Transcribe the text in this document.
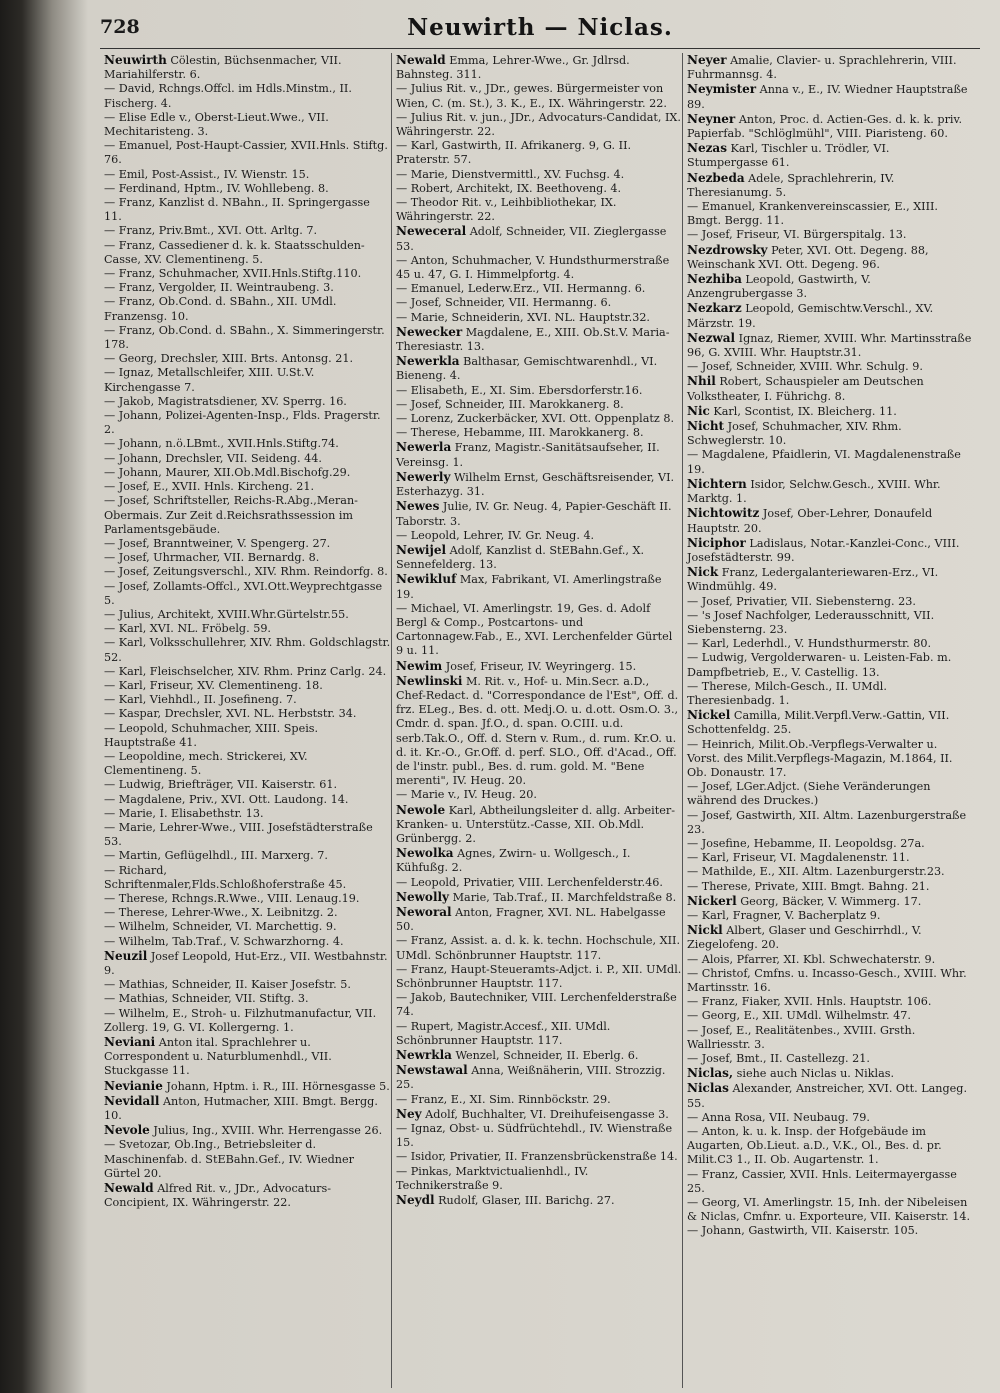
728	Neuwirth — Niclas.

Neuwirth Cölestin, Büchsenmacher, VII. Mariahilferstr. 6.

— David, Rchngs.Offcl. im Hdls.Minstm., II. Fischerg. 4.

— Elise Edle v., Oberst-Lieut.Wwe., VII. Mechitaristeng. 3.

— Emanuel, Post-Haupt-Cassier, XVII.Hnls. Stiftg. 76.

— Emil, Post-Assist., IV. Wienstr. 15.

— Ferdinand, Hptm., IV. Wohllebeng. 8.

— Franz, Kanzlist d. NBahn., II. Springergasse 11.

— Franz, Priv.Bmt., XVI. Ott. Arltg. 7.

— Franz, Cassediener d. k. k. Staatsschulden-Casse, XV. Clementineng. 5.

— Franz, Schuhmacher, XVII.Hnls.Stiftg.110.

— Franz, Vergolder, II. Weintraubeng. 3.

— Franz, Ob.Cond. d. SBahn., XII. UMdl. Franzensg. 10.

— Franz, Ob.Cond. d. SBahn., X. Simmeringerstr. 178.

— Georg, Drechsler, XIII. Brts. Antonsg. 21.

— Ignaz, Metallschleifer, XIII. U.St.V. Kirchengasse 7.

— Jakob, Magistratsdiener, XV. Sperrg. 16.

— Johann, Polizei-Agenten-Insp., Flds. Pragerstr. 2.

— Johann, n.ö.LBmt., XVII.Hnls.Stiftg.74.

— Johann, Drechsler, VII. Seideng. 44.

— Johann, Maurer, XII.Ob.Mdl.Bischofg.29.

— Josef, E., XVII. Hnls. Kircheng. 21.

— Josef, Schriftsteller, Reichs-R.Abg.,Meran-Obermais. Zur Zeit d.Reichsrathssession im Parlamentsgebäude.

— Josef, Branntweiner, V. Spengerg. 27.

— Josef, Uhrmacher, VII. Bernardg. 8.

— Josef, Zeitungsverschl., XIV. Rhm. Reindorfg. 8.

— Josef, Zollamts-Offcl., XVI.Ott.Weyprechtgasse 5.

— Julius, Architekt, XVIII.Whr.Gürtelstr.55.

— Karl, XVI. NL. Fröbelg. 59.

— Karl, Volksschullehrer, XIV. Rhm. Goldschlagstr. 52.

— Karl, Fleischselcher, XIV. Rhm. Prinz Carlg. 24.

— Karl, Friseur, XV. Clementineng. 18.

— Karl, Viehhdl., II. Josefineng. 7.

— Kaspar, Drechsler, XVI. NL. Herbststr. 34.

— Leopold, Schuhmacher, XIII. Speis. Hauptstraße 41.

— Leopoldine, mech. Strickerei, XV. Clementineng. 5.

— Ludwig, Briefträger, VII. Kaiserstr. 61.

— Magdalene, Priv., XVI. Ott. Laudong. 14.

— Marie, I. Elisabethstr. 13.

— Marie, Lehrer-Wwe., VIII. Josefstädterstraße 53.

— Martin, Geflügelhdl., III. Marxerg. 7.

— Richard, Schriftenmaler,Flds.Schloßhoferstraße 45.

— Therese, Rchngs.R.Wwe., VIII. Lenaug.19.

— Therese, Lehrer-Wwe., X. Leibnitzg. 2.

— Wilhelm, Schneider, VI. Marchettig. 9.

— Wilhelm, Tab.Traf., V. Schwarzhorng. 4.

Neuzil Josef Leopold, Hut-Erz., VII. Westbahnstr. 9.

— Mathias, Schneider, II. Kaiser Josefstr. 5.

— Mathias, Schneider, VII. Stiftg. 3.

— Wilhelm, E., Stroh- u. Filzhutmanufactur, VII. Zollerg. 19, G. VI. Kollergerng. 1.

Neviani Anton ital. Sprachlehrer u. Correspondent u. Naturblumenhdl., VII. Stuckgasse 11.

Nevianie Johann, Hptm. i. R., III. Hörnesgasse 5.

Nevidall Anton, Hutmacher, XIII. Bmgt. Bergg. 10.

Nevole Julius, Ing., XVIII. Whr. Herrengasse 26.

— Svetozar, Ob.Ing., Betriebsleiter d. Maschinenfab. d. StEBahn.Gef., IV. Wiedner Gürtel 20.

Newald Alfred Rit. v., JDr., Advocaturs-Concipient, IX. Währingerstr. 22.

Newald Emma, Lehrer-Wwe., Gr. Jdlrsd. Bahnsteg. 311.

— Julius Rit. v., JDr., gewes. Bürgermeister von Wien, C. (m. St.), 3. K., E., IX. Währingerstr. 22.

— Julius Rit. v. jun., JDr., Advocaturs-Candidat, IX. Währingerstr. 22.

— Karl, Gastwirth, II. Afrikanerg. 9, G. II. Praterstr. 57.

— Marie, Dienstvermittl., XV. Fuchsg. 4.

— Robert, Architekt, IX. Beethoveng. 4.

— Theodor Rit. v., Leihbibliothekar, IX. Währingerstr. 22.

Neweceral Adolf, Schneider, VII. Zieglergasse 53.

— Anton, Schuhmacher, V. Hundsthurmerstraße 45 u. 47, G. I. Himmelpfortg. 4.

— Emanuel, Lederw.Erz., VII. Hermanng. 6.

— Josef, Schneider, VII. Hermanng. 6.

— Marie, Schneiderin, XVI. NL. Hauptstr.32.

Newecker Magdalene, E., XIII. Ob.St.V. Maria-Theresiastr. 13.

Newerkla Balthasar, Gemischtwarenhdl., VI. Bieneng. 4.

— Elisabeth, E., XI. Sim. Ebersdorferstr.16.

— Josef, Schneider, III. Marokkanerg. 8.

— Lorenz, Zuckerbäcker, XVI. Ott. Oppenplatz 8.

— Therese, Hebamme, III. Marokkanerg. 8.

Newerla Franz, Magistr.-Sanitätsaufseher, II. Vereinsg. 1.

Newerly Wilhelm Ernst, Geschäftsreisender, VI. Esterhazyg. 31.

Newes Julie, IV. Gr. Neug. 4, Papier-Geschäft II. Taborstr. 3.

— Leopold, Lehrer, IV. Gr. Neug. 4.

Newijel Adolf, Kanzlist d. StEBahn.Gef., X. Sennefelderg. 13.

Newikluf Max, Fabrikant, VI. Amerlingstraße 19.

— Michael, VI. Amerlingstr. 19, Ges. d. Adolf Bergl & Comp., Postcartons- und Cartonnagew.Fab., E., XVI. Lerchenfelder Gürtel 9 u. 11.

Newim Josef, Friseur, IV. Weyringerg. 15.

Newlinski M. Rit. v., Hof- u. Min.Secr. a.D., Chef-Redact. d. "Correspondance de l'Est", Off. d. frz. ELeg., Bes. d. ott. Medj.O. u. d.ott. Osm.O. 3., Cmdr. d. span. Jf.O., d. span. O.CIII. u.d. serb.Tak.O., Off. d. Stern v. Rum., d. rum. Kr.O. u. d. it. Kr.-O., Gr.Off. d. perf. SLO., Off. d'Acad., Off. de l'instr. publ., Bes. d. rum. gold. M. "Bene merenti", IV. Heug. 20.

— Marie v., IV. Heug. 20.

Newole Karl, Abtheilungsleiter d. allg. Arbeiter-Kranken- u. Unterstütz.-Casse, XII. Ob.Mdl. Grünbergg. 2.

Newolka Agnes, Zwirn- u. Wollgesch., I. Kühfußg. 2.

— Leopold, Privatier, VIII. Lerchenfelderstr.46.

Newolly Marie, Tab.Traf., II. Marchfeldstraße 8.

Neworal Anton, Fragner, XVI. NL. Habelgasse 50.

— Franz, Assist. a. d. k. k. techn. Hochschule, XII. UMdl. Schönbrunner Hauptstr. 117.

— Franz, Haupt-Steueramts-Adjct. i. P., XII. UMdl. Schönbrunner Hauptstr. 117.

— Jakob, Bautechniker, VIII. Lerchenfelderstraße 74.

— Rupert, Magistr.Accesf., XII. UMdl. Schönbrunner Hauptstr. 117.

Newrkla Wenzel, Schneider, II. Eberlg. 6.

Newstawal Anna, Weißnäherin, VIII. Strozzig. 25.

— Franz, E., XI. Sim. Rinnböckstr. 29.

Ney Adolf, Buchhalter, VI. Dreihufeisengasse 3.

— Ignaz, Obst- u. Südfrüchtehdl., IV. Wienstraße 15.

— Isidor, Privatier, II. Franzensbrückenstraße 14.

— Pinkas, Marktvictualienhdl., IV. Technikerstraße 9.

Neydl Rudolf, Glaser, III. Barichg. 27.

Neyer Amalie, Clavier- u. Sprachlehrerin, VIII. Fuhrmannsg. 4.

Neymister Anna v., E., IV. Wiedner Hauptstraße 89.

Neyner Anton, Proc. d. Actien-Ges. d. k. k. priv. Papierfab. "Schlöglmühl", VIII. Piaristeng. 60.

Nezas Karl, Tischler u. Trödler, VI. Stumpergasse 61.

Nezbeda Adele, Sprachlehrerin, IV. Theresianumg. 5.

— Emanuel, Krankenvereinscassier, E., XIII. Bmgt. Bergg. 11.

— Josef, Friseur, VI. Bürgerspitalg. 13.

Nezdrowsky Peter, XVI. Ott. Degeng. 88, Weinschank XVI. Ott. Degeng. 96.

Nezhiba Leopold, Gastwirth, V. Anzengrubergasse 3.

Nezkarz Leopold, Gemischtw.Verschl., XV. Märzstr. 19.

Nezwal Ignaz, Riemer, XVIII. Whr. Martinsstraße 96, G. XVIII. Whr. Hauptstr.31.

— Josef, Schneider, XVIII. Whr. Schulg. 9.

Nhil Robert, Schauspieler am Deutschen Volkstheater, I. Führichg. 8.

Nic Karl, Scontist, IX. Bleicherg. 11.

Nicht Josef, Schuhmacher, XIV. Rhm. Schweglerstr. 10.

— Magdalene, Pfaidlerin, VI. Magdalenenstraße 19.

Nichtern Isidor, Selchw.Gesch., XVIII. Whr. Marktg. 1.

Nichtowitz Josef, Ober-Lehrer, Donaufeld Hauptstr. 20.

Niciphor Ladislaus, Notar.-Kanzlei-Conc., VIII. Josefstädterstr. 99.

Nick Franz, Ledergalanteriewaren-Erz., VI. Windmühlg. 49.

— Josef, Privatier, VII. Siebensterng. 23.

— 's Josef Nachfolger, Lederausschnitt, VII. Siebensterng. 23.

— Karl, Lederhdl., V. Hundsthurmerstr. 80.

— Ludwig, Vergolderwaren- u. Leisten-Fab. m. Dampfbetrieb, E., V. Castellig. 13.

— Therese, Milch-Gesch., II. UMdl. Theresienbadg. 1.

Nickel Camilla, Milit.Verpfl.Verw.-Gattin, VII. Schottenfeldg. 25.

— Heinrich, Milit.Ob.-Verpflegs-Verwalter u. Vorst. des Milit.Verpflegs-Magazin, M.1864, II. Ob. Donaustr. 17.

— Josef, LGer.Adjct. (Siehe Veränderungen während des Druckes.)

— Josef, Gastwirth, XII. Altm. Lazenburgerstraße 23.

— Josefine, Hebamme, II. Leopoldsg. 27a.

— Karl, Friseur, VI. Magdalenenstr. 11.

— Mathilde, E., XII. Altm. Lazenburgerstr.23.

— Therese, Private, XIII. Bmgt. Bahng. 21.

Nickerl Georg, Bäcker, V. Wimmerg. 17.

— Karl, Fragner, V. Bacherplatz 9.

Nickl Albert, Glaser und Geschirrhdl., V. Ziegelofeng. 20.

— Alois, Pfarrer, XI. Kbl. Schwechaterstr. 9.

— Christof, Cmfns. u. Incasso-Gesch., XVIII. Whr. Martinsstr. 16.

— Franz, Fiaker, XVII. Hnls. Hauptstr. 106.

— Georg, E., XII. UMdl. Wilhelmstr. 47.

— Josef, E., Realitätenbes., XVIII. Grsth. Wallriesstr. 3.

— Josef, Bmt., II. Castellezg. 21.

Niclas, siehe auch Niclas u. Niklas.

Niclas Alexander, Anstreicher, XVI. Ott. Langeg. 55.

— Anna Rosa, VII. Neubaug. 79.

— Anton, k. u. k. Insp. der Hofgebäude im Augarten, Ob.Lieut. a.D., V.K., Ol., Bes. d. pr. Milit.C3 1., II. Ob. Augartenstr. 1.

— Franz, Cassier, XVII. Hnls. Leitermayergasse 25.

— Georg, VI. Amerlingstr. 15, Inh. der Nibeleisen & Niclas, Cmfnr. u. Exporteure, VII. Kaiserstr. 14.

— Johann, Gastwirth, VII. Kaiserstr. 105.
